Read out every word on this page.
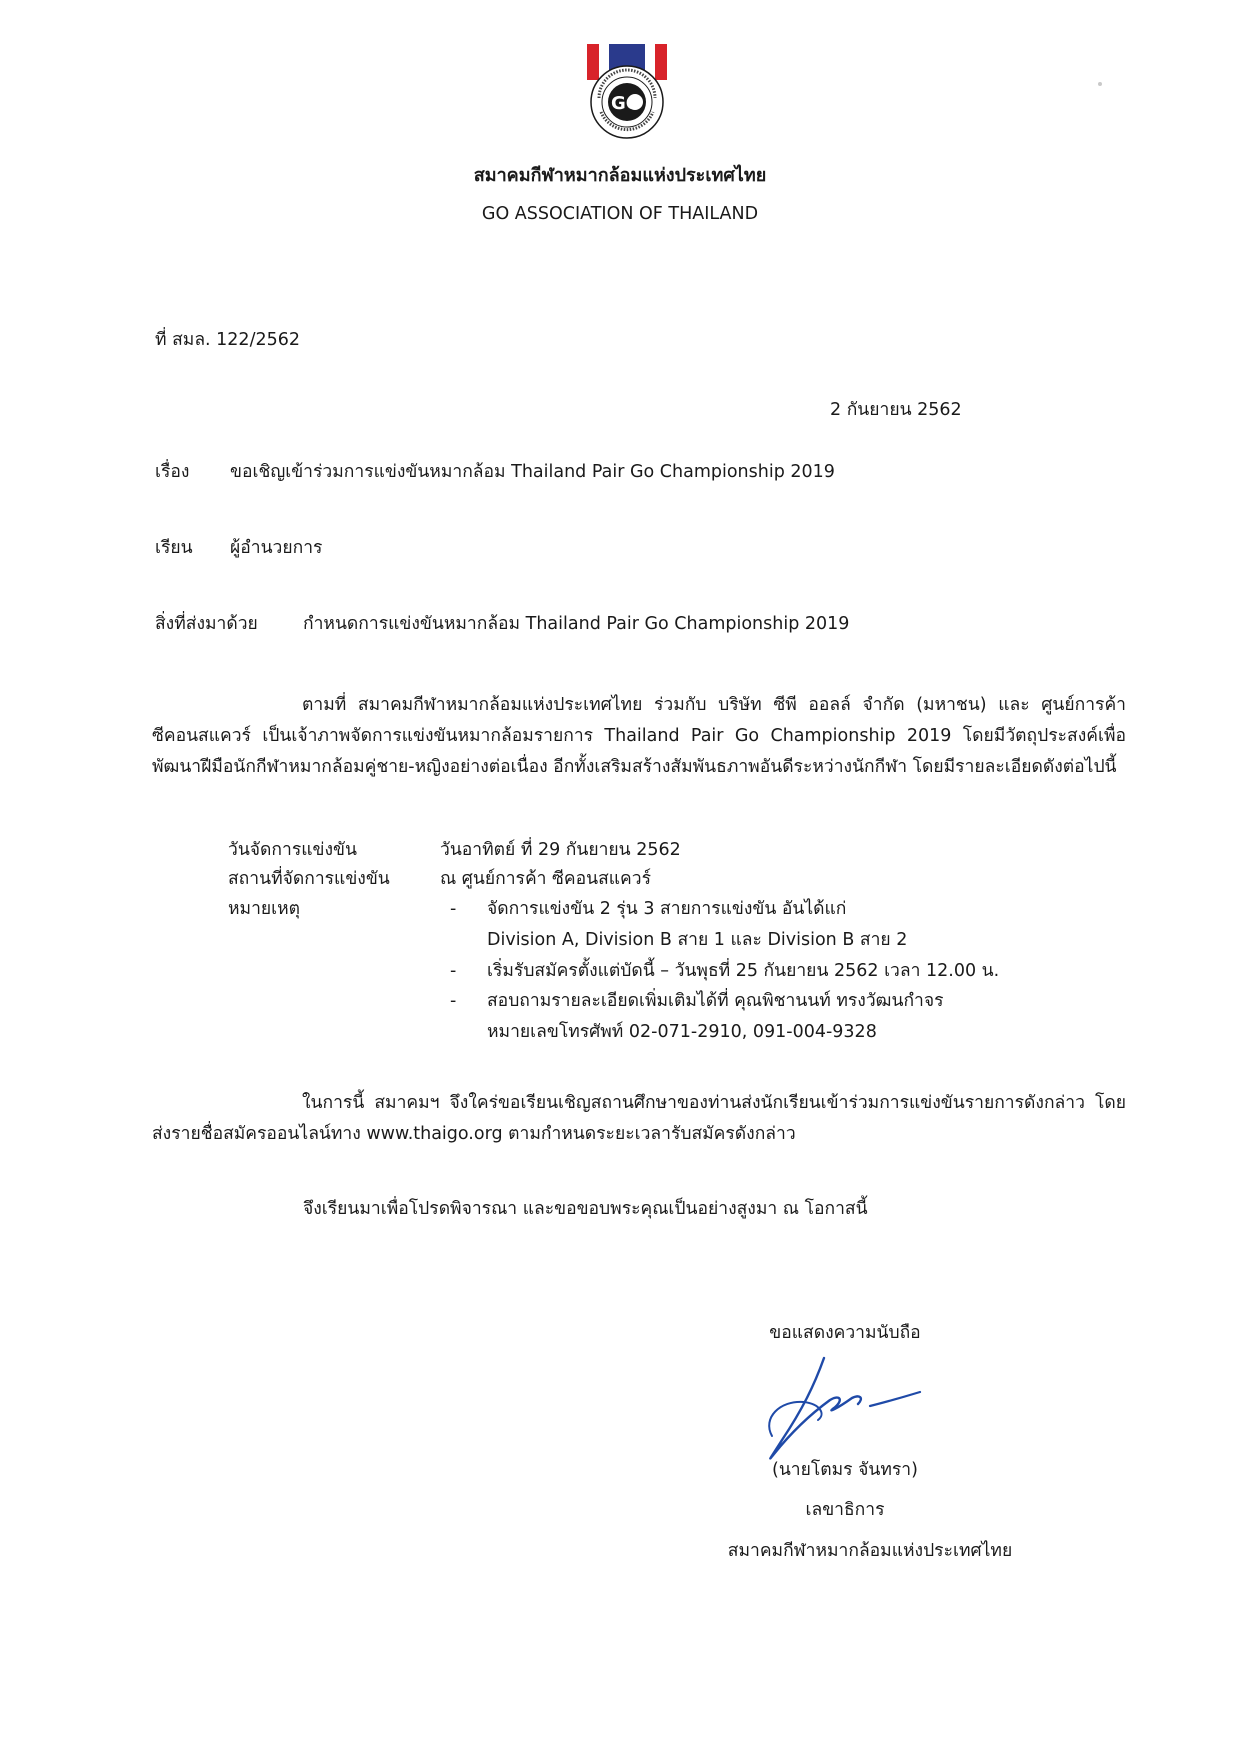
GO
สมาคมกีฬาหมากล้อมแห่งประเทศไทย
GO ASSOCIATION OF THAILAND
ที่ สมล. 122/2562
2 กันยายน 2562
เรื่อง ขอเชิญเข้าร่วมการแข่งขันหมากล้อม Thailand Pair Go Championship 2019
เรียน ผู้อำนวยการ
สิ่งที่ส่งมาด้วย	กำหนดการแข่งขันหมากล้อม Thailand Pair Go Championship 2019
ตามที่ สมาคมกีฬาหมากล้อมแห่งประเทศไทย ร่วมกับ บริษัท ซีพี ออลล์ จำกัด (มหาชน) และ ศูนย์การค้า ซีคอนสแควร์ เป็นเจ้าภาพจัดการแข่งขันหมากล้อมรายการ Thailand Pair Go Championship 2019 โดยมีวัตถุประสงค์เพื่อพัฒนาฝีมือนักกีฬาหมากล้อมคู่ชาย-หญิงอย่างต่อเนื่อง อีกทั้งเสริมสร้างสัมพันธภาพอันดีระหว่างนักกีฬา โดยมีรายละเอียดดังต่อไปนี้
วันจัดการแข่งขัน	วันอาทิตย์ ที่ 29 กันยายน 2562
สถานที่จัดการแข่งขัน	ณ ศูนย์การค้า ซีคอนสแควร์
หมายเหตุ	- จัดการแข่งขัน 2 รุ่น 3 สายการแข่งขัน อันได้แก่
Division A, Division B สาย 1 และ Division B สาย 2
- เริ่มรับสมัครตั้งแต่บัดนี้ – วันพุธที่ 25 กันยายน 2562 เวลา 12.00 น.
- สอบถามรายละเอียดเพิ่มเติมได้ที่ คุณพิชานนท์ ทรงวัฒนกำจร
หมายเลขโทรศัพท์ 02-071-2910, 091-004-9328
ในการนี้ สมาคมฯ จึงใคร่ขอเรียนเชิญสถานศึกษาของท่านส่งนักเรียนเข้าร่วมการแข่งขันรายการดังกล่าว โดยส่งรายชื่อสมัครออนไลน์ทาง www.thaigo.org ตามกำหนดระยะเวลารับสมัครดังกล่าว
จึงเรียนมาเพื่อโปรดพิจารณา และขอขอบพระคุณเป็นอย่างสูงมา ณ โอกาสนี้
ขอแสดงความนับถือ
(นายโตมร จันทรา)
เลขาธิการ
สมาคมกีฬาหมากล้อมแห่งประเทศไทย
